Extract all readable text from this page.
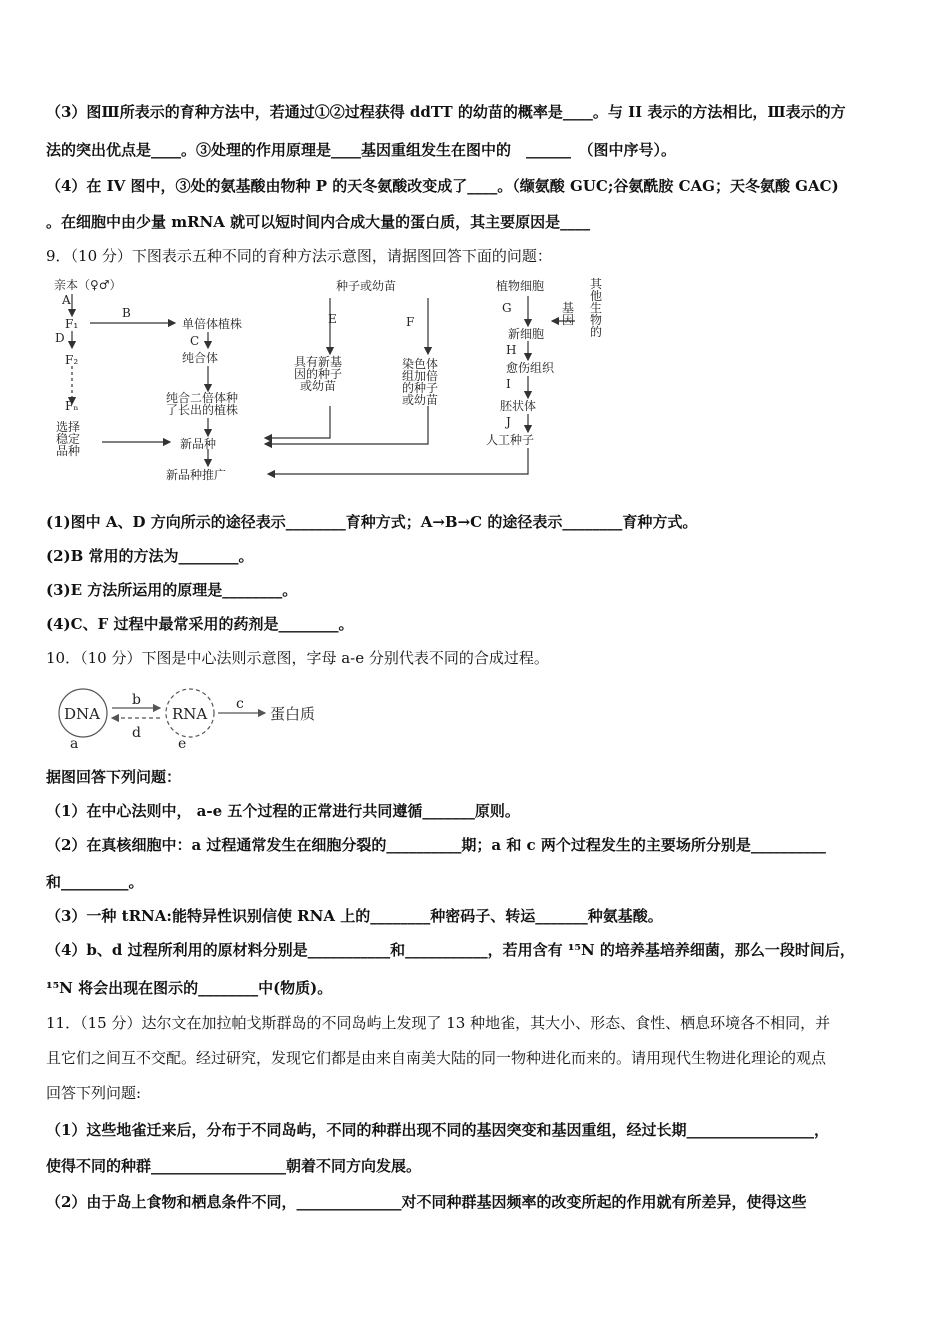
（3）图Ⅲ所表示的育种方法中，若通过①②过程获得 ddTT 的幼苗的概率是____。与 II 表示的方法相比，Ⅲ表示的方
法的突出优点是____。③处理的作用原理是____基因重组发生在图中的　______　（图中序号）。
（4）在 IV 图中，③处的氨基酸由物种 P 的天冬氨酸改变成了____。（缬氨酸 GUC;谷氨酰胺 CAG；天冬氨酸 GAC)
。在细胞中由少量 mRNA 就可以短时间内合成大量的蛋白质，其主要原因是____
9．（10 分）下图表示五种不同的育种方法示意图，请据图回答下面的问题：
亲本（♀♂）
A
F₁
B
D
F₂
Fₙ
选择
稳定
品种
单倍体植株
C
纯合体
纯合二倍体种
了长出的植株
新品种
新品种推广
种子或幼苗
E
具有新基
因的种子
或幼苗
F
染色体
组加倍
的种子
或幼苗
植物细胞	其
他
生
物
的
基
因
G
新细胞
H
愈伤组织
I
胚状体
J
人工种子
(1)图中 A、D 方向所示的途径表示________育种方式；A→B→C 的途径表示________育种方式。
(2)B 常用的方法为________。
(3)E 方法所运用的原理是________。
(4)C、F 过程中最常采用的药剂是________。
10．（10 分）下图是中心法则示意图，字母 a-e 分别代表不同的合成过程。
DNA	RNA	蛋白质
b
d
c
a	e
据图回答下列问题：
（1）在中心法则中， a-e 五个过程的正常进行共同遵循_______原则。
（2）在真核细胞中：a 过程通常发生在细胞分裂的__________期；a 和 c 两个过程发生的主要场所分别是__________
和_________。
（3）一种 tRNA:能特异性识别信使 RNA 上的________种密码子、转运_______种氨基酸。
（4）b、d 过程所利用的原材料分别是___________和___________，若用含有 ¹⁵N 的培养基培养细菌，那么一段时间后，
¹⁵N 将会出现在图示的________中(物质)。
11．（15 分）达尔文在加拉帕戈斯群岛的不同岛屿上发现了 13 种地雀，其大小、形态、食性、栖息环境各不相同，并
且它们之间互不交配。经过研究，发现它们都是由来自南美大陆的同一物种进化而来的。请用现代生物进化理论的观点
回答下列问题:
（1）这些地雀迁来后，分布于不同岛屿，不同的种群出现不同的基因突变和基因重组，经过长期_________________，
使得不同的种群__________________朝着不同方向发展。
（2）由于岛上食物和栖息条件不同，______________对不同种群基因频率的改变所起的作用就有所差异，使得这些
